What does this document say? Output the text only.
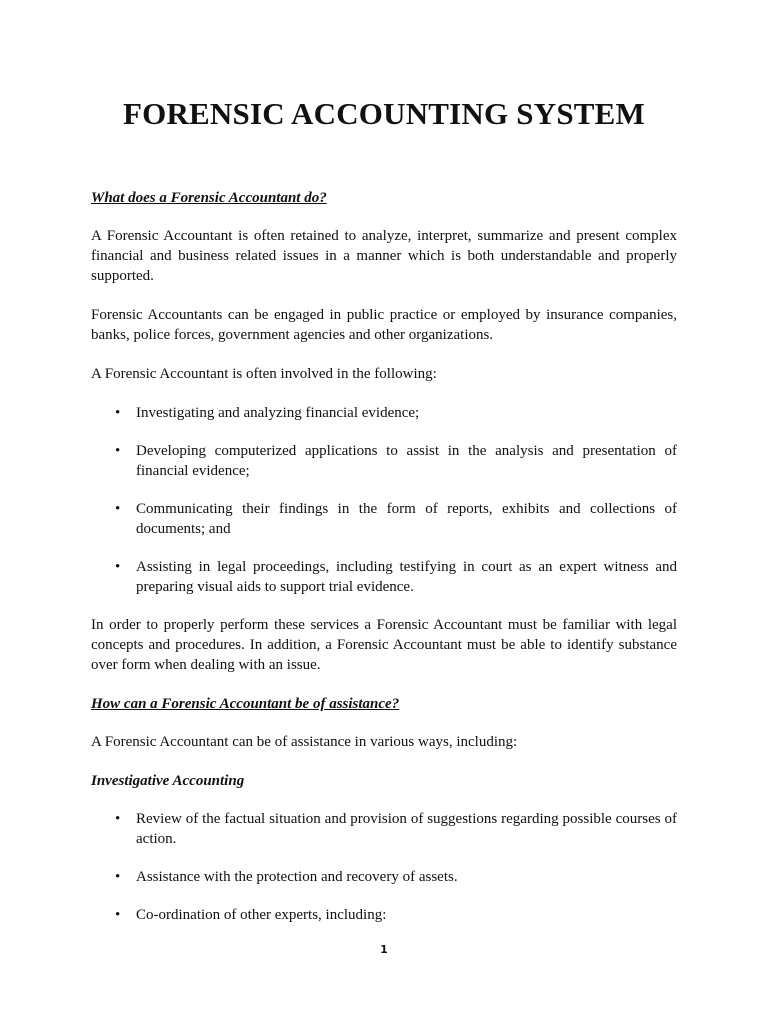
FORENSIC ACCOUNTING SYSTEM
What does a Forensic Accountant do?

A Forensic Accountant is often retained to analyze, interpret, summarize and present complex financial and business related issues in a manner which is both understandable and properly supported.

Forensic Accountants can be engaged in public practice or employed by insurance companies, banks, police forces, government agencies and other organizations.

A Forensic Accountant is often involved in the following:

• Investigating and analyzing financial evidence;
• Developing computerized applications to assist in the analysis and presentation of financial evidence;
• Communicating their findings in the form of reports, exhibits and collections of documents; and
• Assisting in legal proceedings, including testifying in court as an expert witness and preparing visual aids to support trial evidence.

In order to properly perform these services a Forensic Accountant must be familiar with legal concepts and procedures. In addition, a Forensic Accountant must be able to identify substance over form when dealing with an issue.

How can a Forensic Accountant be of assistance?

A Forensic Accountant can be of assistance in various ways, including:

Investigative Accounting
• Review of the factual situation and provision of suggestions regarding possible courses of action.
• Assistance with the protection and recovery of assets.
• Co-ordination of other experts, including:
1
